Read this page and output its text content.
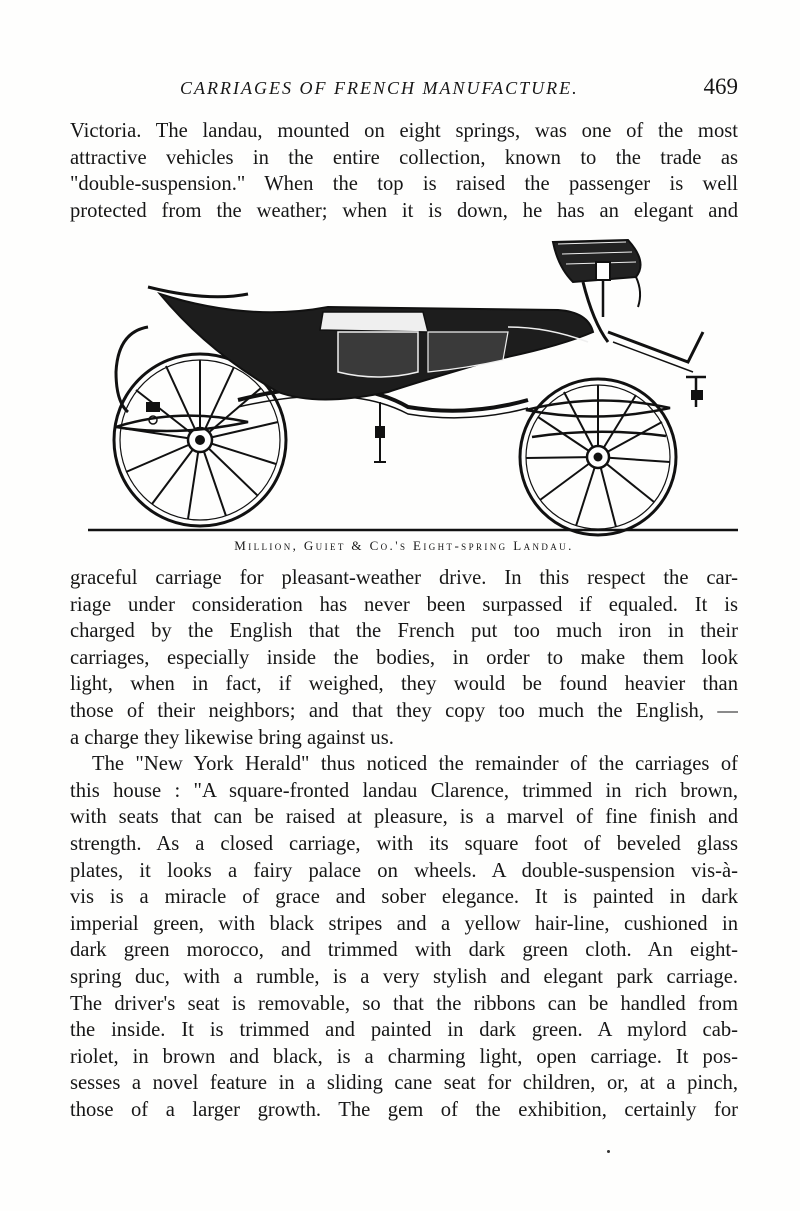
CARRIAGES OF FRENCH MANUFACTURE.	469
Victoria. The landau, mounted on eight springs, was one of the most
attractive vehicles in the entire collection, known to the trade as
"double-suspension." When the top is raised the passenger is well
protected from the weather; when it is down, he has an elegant and
Million, Guiet & Co.'s Eight-spring Landau.
graceful carriage for pleasant-weather drive. In this respect the car-
riage under consideration has never been surpassed if equaled. It is
charged by the English that the French put too much iron in their
carriages, especially inside the bodies, in order to make them look
light, when in fact, if weighed, they would be found heavier than
those of their neighbors; and that they copy too much the English, —
a charge they likewise bring against us.
The "New York Herald" thus noticed the remainder of the carriages of
this house : "A square-fronted landau Clarence, trimmed in rich brown,
with seats that can be raised at pleasure, is a marvel of fine finish and
strength. As a closed carriage, with its square foot of beveled glass
plates, it looks a fairy palace on wheels. A double-suspension vis-à-
vis is a miracle of grace and sober elegance. It is painted in dark
imperial green, with black stripes and a yellow hair-line, cushioned in
dark green morocco, and trimmed with dark green cloth. An eight-
spring duc, with a rumble, is a very stylish and elegant park carriage.
The driver's seat is removable, so that the ribbons can be handled from
the inside. It is trimmed and painted in dark green. A mylord cab-
riolet, in brown and black, is a charming light, open carriage. It pos-
sesses a novel feature in a sliding cane seat for children, or, at a pinch,
those of a larger growth. The gem of the exhibition, certainly for
